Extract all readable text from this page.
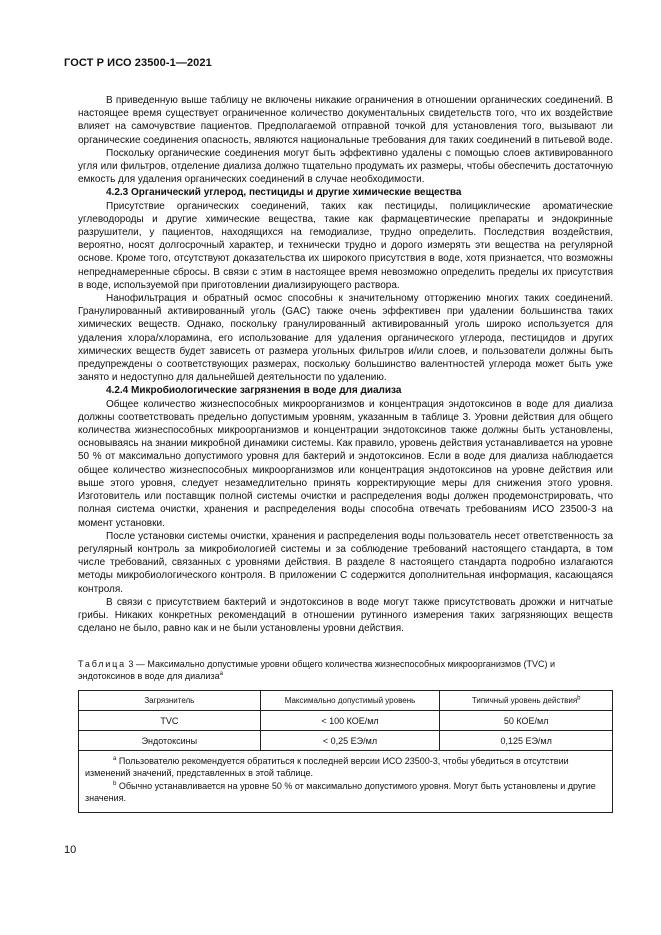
ГОСТ Р ИСО 23500-1—2021

В приведенную выше таблицу не включены никакие ограничения в отношении органических соединений. В настоящее время существует ограниченное количество документальных свидетельств того, что их воздействие влияет на самочувствие пациентов. Предполагаемой отправной точкой для установления того, вызывают ли органические соединения опасность, являются национальные требования для таких соединений в питьевой воде.

Поскольку органические соединения могут быть эффективно удалены с помощью слоев активированного угля или фильтров, отделение диализа должно тщательно продумать их размеры, чтобы обеспечить достаточную емкость для удаления органических соединений в случае необходимости.

4.2.3 Органический углерод, пестициды и другие химические вещества

Присутствие органических соединений, таких как пестициды, полициклические ароматические углеводороды и другие химические вещества, такие как фармацевтические препараты и эндокринные разрушители, у пациентов, находящихся на гемодиализе, трудно определить. Последствия воздействия, вероятно, носят долгосрочный характер, и технически трудно и дорого измерять эти вещества на регулярной основе. Кроме того, отсутствуют доказательства их широкого присутствия в воде, хотя признается, что возможны непреднамеренные сбросы. В связи с этим в настоящее время невозможно определить пределы их присутствия в воде, используемой при приготовлении диализирующего раствора.

Нанофильтрация и обратный осмос способны к значительному отторжению многих таких соединений. Гранулированный активированный уголь (GAC) также очень эффективен при удалении большинства таких химических веществ. Однако, поскольку гранулированный активированный уголь широко используется для удаления хлора/хлорамина, его использование для удаления органического углерода, пестицидов и других химических веществ будет зависеть от размера угольных фильтров и/или слоев, и пользователи должны быть предупреждены о соответствующих размерах, поскольку большинство валентностей углерода может быть уже занято и недоступно для дальнейшей деятельности по удалению.

4.2.4 Микробиологические загрязнения в воде для диализа

Общее количество жизнеспособных микроорганизмов и концентрация эндотоксинов в воде для диализа должны соответствовать предельно допустимым уровням, указанным в таблице 3. Уровни действия для общего количества жизнеспособных микроорганизмов и концентрации эндотоксинов также должны быть установлены, основываясь на знании микробной динамики системы. Как правило, уровень действия устанавливается на уровне 50 % от максимально допустимого уровня для бактерий и эндотоксинов. Если в воде для диализа наблюдается общее количество жизнеспособных микроорганизмов или концентрация эндотоксинов на уровне действия или выше этого уровня, следует незамедлительно принять корректирующие меры для снижения этого уровня. Изготовитель или поставщик полной системы очистки и распределения воды должен продемонстрировать, что полная система очистки, хранения и распределения воды способна отвечать требованиям ИСО 23500-3 на момент установки.

После установки системы очистки, хранения и распределения воды пользователь несет ответственность за регулярный контроль за микробиологией системы и за соблюдение требований настоящего стандарта, в том числе требований, связанных с уровнями действия. В разделе 8 настоящего стандарта подробно излагаются методы микробиологического контроля. В приложении С содержится дополнительная информация, касающаяся контроля.

В связи с присутствием бактерий и эндотоксинов в воде могут также присутствовать дрожжи и нитчатые грибы. Никаких конкретных рекомендаций в отношении рутинного измерения таких загрязняющих веществ сделано не было, равно как и не были установлены уровни действия.

Таблица 3 — Максимально допустимые уровни общего количества жизнеспособных микроорганизмов (TVC) и эндотоксинов в воде для диализа$^а$
Загрязнитель	Максимально допустимый уровень	Типичный уровень действия$^b$
TVC	< 100 КОЕ/мл	50 КОЕ/мл
Эндотоксины	< 0,25 ЕЭ/мл	0,125 ЕЭ/мл

$^а$ Пользователю рекомендуется обратиться к последней версии ИСО 23500-3, чтобы убедиться в отсутствии изменений значений, представленных в этой таблице.

$^b$ Обычно устанавливается на уровне 50 % от максимально допустимого уровня. Могут быть установлены и другие значения.		

10
